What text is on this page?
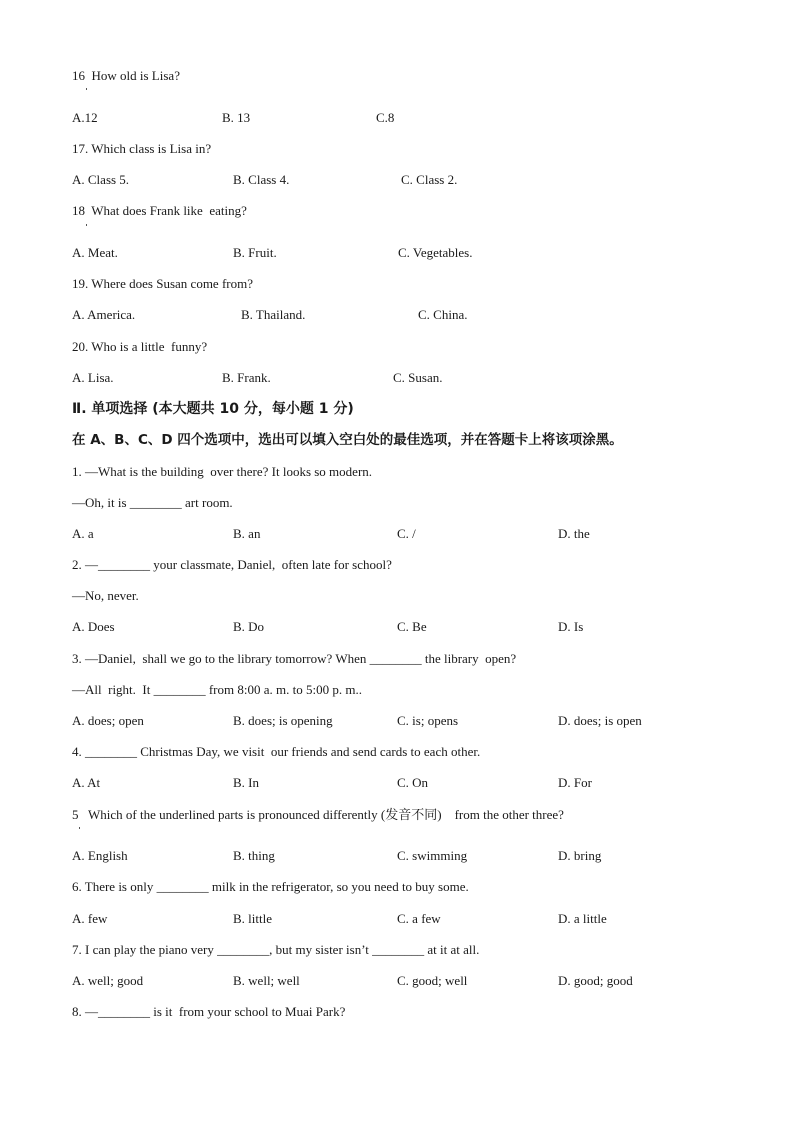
16  How old is Lisa?
A.12	B. 13	C.8
17. Which class is Lisa in?
A. Class 5.	B. Class 4.	C. Class 2.
18  What does Frank like  eating?
A. Meat.	B. Fruit.	C. Vegetables.
19. Where does Susan come from?
A. America.	B. Thailand.	C. China.
20. Who is a little  funny?
A. Lisa.	B. Frank.	C. Susan.
Ⅱ. 单项选择 (本大题共 10 分，每小题 1 分)
在 A、B、C、D 四个选项中，选出可以填入空白处的最佳选项，并在答题卡上将该项涂黑。
1. —What is the building  over there? It looks so modern.
—Oh, it is ________ art room.
A. a	B. an	C. /	D. the
2. —________ your classmate, Daniel,  often late for school?
—No, never.
A. Does	B. Do	C. Be	D. Is
3. —Daniel,  shall we go to the library tomorrow? When ________ the library  open?
—All  right.  It ________ from 8:00 a. m. to 5:00 p. m..
A. does; open	B. does; is opening	C. is; opens	D. does; is open
4. ________ Christmas Day, we visit  our friends and send cards to each other.
A. At	B. In	C. On	D. For
5   Which of the underlined parts is pronounced differently (发音不同)    from the other three?
A. English	B. thing	C. swimming	D. bring
6. There is only ________ milk in the refrigerator, so you need to buy some.
A. few	B. little	C. a few	D. a little
7. I can play the piano very ________, but my sister isn’t ________ at it at all.
A. well; good	B. well; well	C. good; well	D. good; good
8. —________ is it  from your school to Muai Park?
